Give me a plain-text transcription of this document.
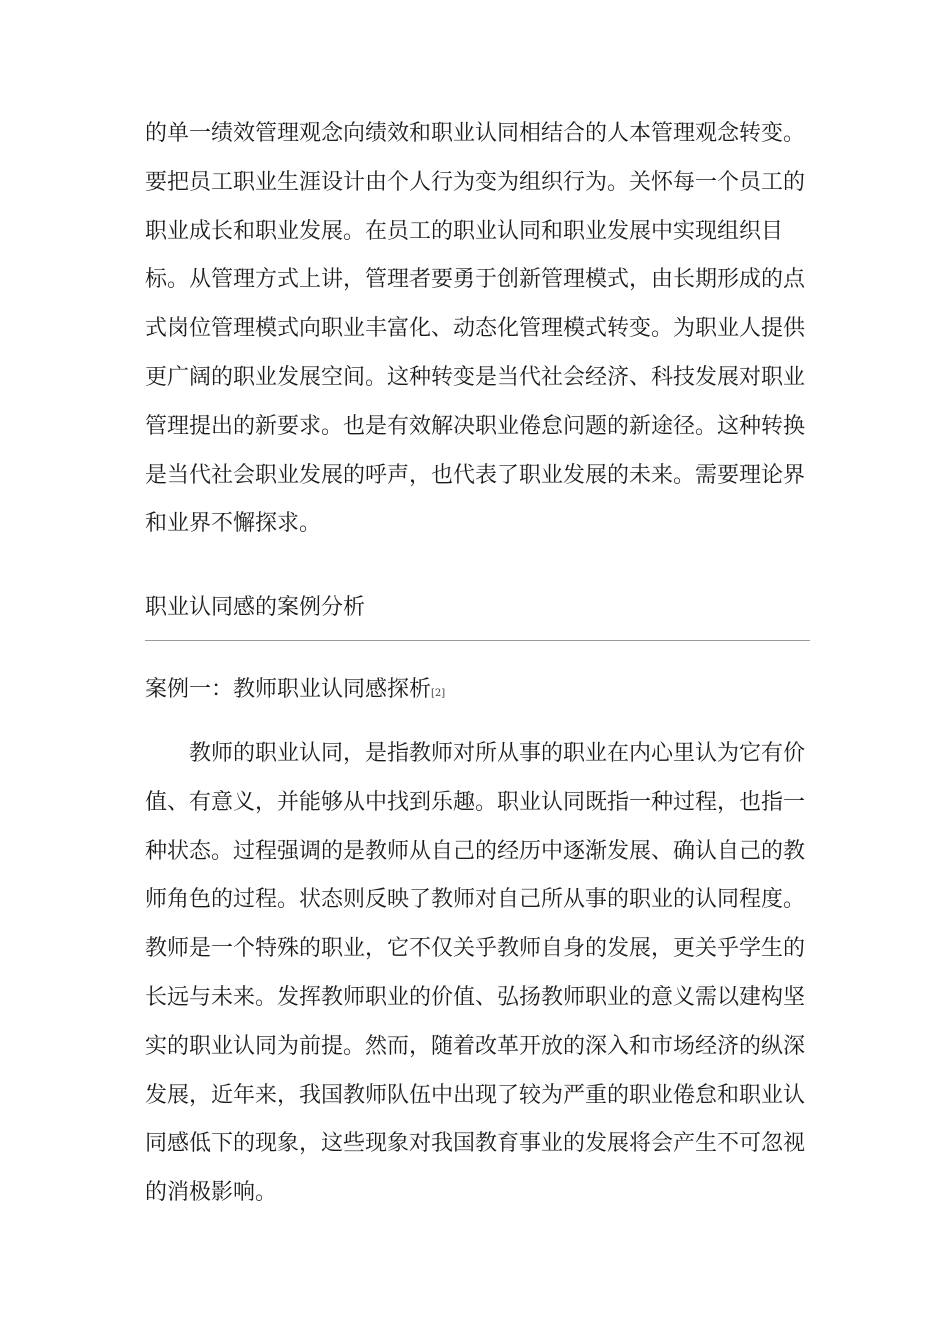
的单一绩效管理观念向绩效和职业认同相结合的人本管理观念转变。
要把员工职业生涯设计由个人行为变为组织行为。关怀每一个员工的
职业成长和职业发展。在员工的职业认同和职业发展中实现组织目
标。从管理方式上讲，管理者要勇于创新管理模式，由长期形成的点
式岗位管理模式向职业丰富化、动态化管理模式转变。为职业人提供
更广阔的职业发展空间。这种转变是当代社会经济、科技发展对职业
管理提出的新要求。也是有效解决职业倦怠问题的新途径。这种转换
是当代社会职业发展的呼声，也代表了职业发展的未来。需要理论界
和业界不懈探求。
职业认同感的案例分析
案例一：教师职业认同感探析[2]
教师的职业认同，是指教师对所从事的职业在内心里认为它有价
值、有意义，并能够从中找到乐趣。职业认同既指一种过程，也指一
种状态。过程强调的是教师从自己的经历中逐渐发展、确认自己的教
师角色的过程。状态则反映了教师对自己所从事的职业的认同程度。
教师是一个特殊的职业，它不仅关乎教师自身的发展，更关乎学生的
长远与未来。发挥教师职业的价值、弘扬教师职业的意义需以建构坚
实的职业认同为前提。然而，随着改革开放的深入和市场经济的纵深
发展，近年来，我国教师队伍中出现了较为严重的职业倦怠和职业认
同感低下的现象，这些现象对我国教育事业的发展将会产生不可忽视
的消极影响。
